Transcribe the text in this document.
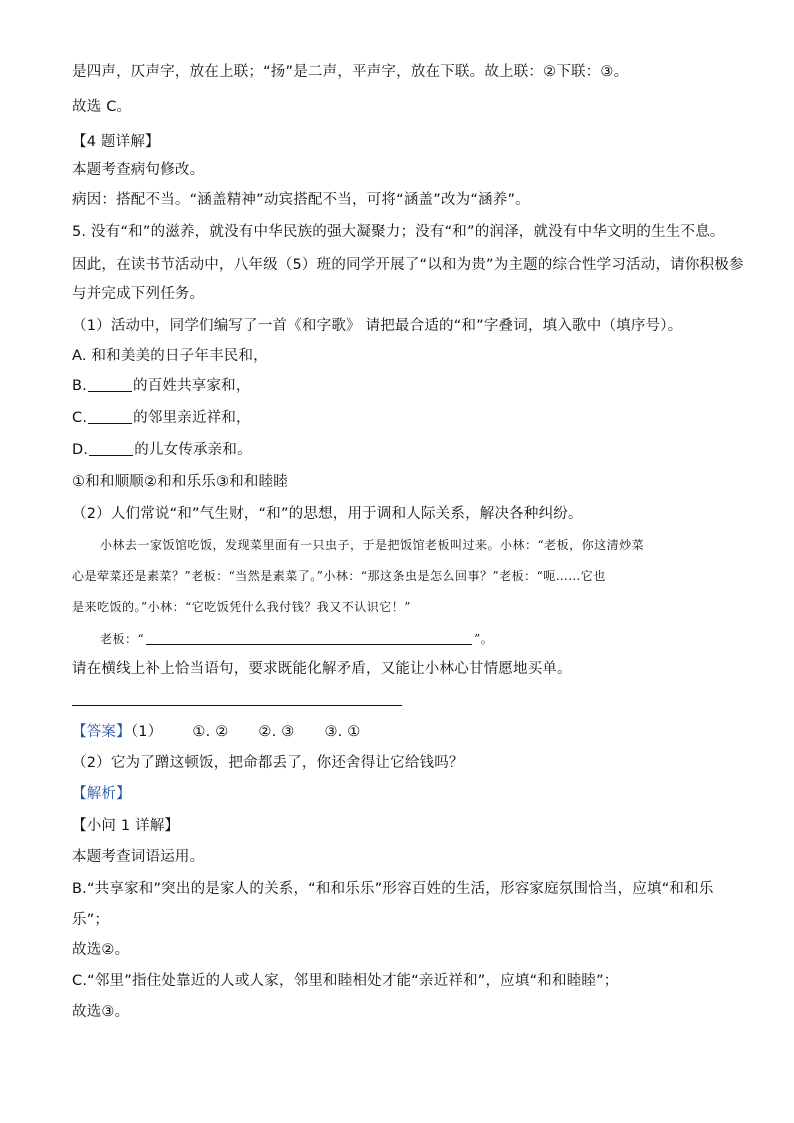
是四声，仄声字，放在上联；“扬”是二声，平声字，放在下联。故上联：②下联：③。
故选 C。
【4 题详解】
本题考查病句修改。
病因：搭配不当。“涵盖精神”动宾搭配不当，可将“涵盖”改为“涵养”。
5. 没有“和”的滋养，就没有中华民族的强大凝聚力；没有“和”的润泽，就没有中华文明的生生不息。
因此，在读书节活动中，八年级（5）班的同学开展了“以和为贵”为主题的综合性学习活动，请你积极参
与并完成下列任务。
（1）活动中，同学们编写了一首《和字歌》 请把最合适的“和”字叠词，填入歌中（填序号）。
A. 和和美美的日子年丰民和，
B.	的百姓共享家和，
C.	的邻里亲近祥和，
D.	的儿女传承亲和。
①和和顺顺②和和乐乐③和和睦睦
（2）人们常说“和”气生财，“和”的思想，用于调和人际关系，解决各种纠纷。
小林去一家饭馆吃饭，发现菜里面有一只虫子，于是把饭馆老板叫过来。小林：“老板，你这清炒菜
心是荤菜还是素菜？”老板：“当然是素菜了。”小林：“那这条虫是怎么回事？”老板：“呃……它也
是来吃饭的。”小林：“它吃饭凭什么我付钱？我又不认识它！”
老板：“	”。
请在横线上补上恰当语句，要求既能化解矛盾，又能让小林心甘情愿地买单。
【答案】（1） ①. ② ②. ③ ③. ①
（2）它为了蹭这顿饭，把命都丢了，你还舍得让它给钱吗？
【解析】
【小问 1 详解】
本题考查词语运用。
B.“共享家和”突出的是家人的关系，“和和乐乐”形容百姓的生活，形容家庭氛围恰当，应填“和和乐
乐”；
故选②。
C.“邻里”指住处靠近的人或人家，邻里和睦相处才能“亲近祥和”，应填“和和睦睦”；
故选③。
